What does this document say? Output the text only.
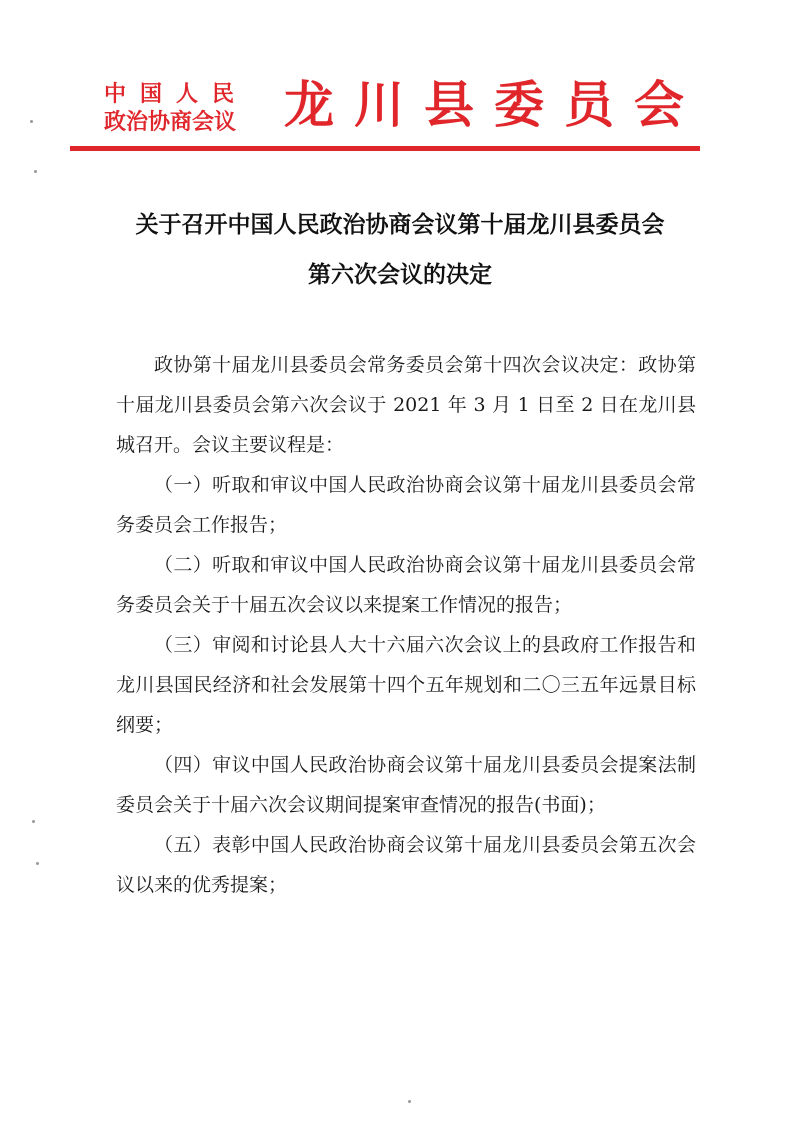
中国人民
政治协商会议 龙川县委员会
关于召开中国人民政治协商会议第十届龙川县委员会
第六次会议的决定

政协第十届龙川县委员会常务委员会第十四次会议决定：政协第十届龙川县委员会第六次会议于 2021 年 3 月 1 日至 2 日在龙川县城召开。会议主要议程是：

（一）听取和审议中国人民政治协商会议第十届龙川县委员会常务委员会工作报告；

（二）听取和审议中国人民政治协商会议第十届龙川县委员会常务委员会关于十届五次会议以来提案工作情况的报告；

（三）审阅和讨论县人大十六届六次会议上的县政府工作报告和龙川县国民经济和社会发展第十四个五年规划和二〇三五年远景目标纲要；

（四）审议中国人民政治协商会议第十届龙川县委员会提案法制委员会关于十届六次会议期间提案审查情况的报告(书面)；

（五）表彰中国人民政治协商会议第十届龙川县委员会第五次会议以来的优秀提案；
